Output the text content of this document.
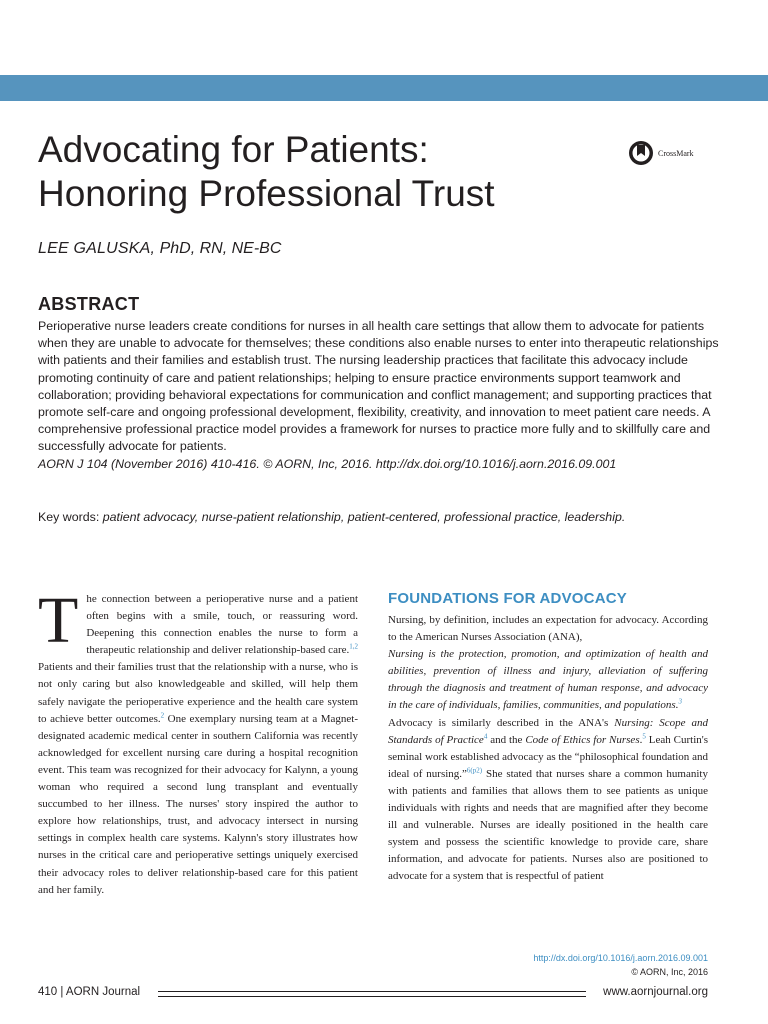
Advocating for Patients:
Honoring Professional Trust
CrossMark
LEE GALUSKA, PhD, RN, NE-BC
ABSTRACT
Perioperative nurse leaders create conditions for nurses in all health care settings that allow them to advocate for patients when they are unable to advocate for themselves; these conditions also enable nurses to enter into therapeutic relationships with patients and their families and establish trust. The nursing leadership practices that facilitate this advocacy include promoting continuity of care and patient relationships; helping to ensure practice environments support teamwork and collaboration; providing behavioral expectations for communication and conflict management; and supporting practices that promote self-care and ongoing professional development, flexibility, creativity, and innovation to meet patient care needs. A comprehensive professional practice model provides a framework for nurses to practice more fully and to skillfully care and successfully advocate for patients.
AORN J 104 (November 2016) 410-416. © AORN, Inc, 2016. http://dx.doi.org/10.1016/j.aorn.2016.09.001
Key words: patient advocacy, nurse-patient relationship, patient-centered, professional practice, leadership.

The connection between a perioperative nurse and a patient often begins with a smile, touch, or reassuring word. Deepening this connection enables the nurse to form a therapeutic relationship and deliver relationship-based care.$^{1,2}$ Patients and their families trust that the relationship with a nurse, who is not only caring but also knowledgeable and skilled, will help them safely navigate the perioperative experience and the health care system to achieve better outcomes.$^2$ One exemplary nursing team at a Magnet-designated academic medical center in southern California was recently acknowledged for excellent nursing care during a hospital recognition event. This team was recognized for their advocacy for Kalynn, a young woman who required a second lung transplant and eventually succumbed to her illness. The nurses' story inspired the author to explore how relationships, trust, and advocacy intersect in nursing settings in complex health care systems. Kalynn's story illustrates how nurses in the critical care and perioperative settings uniquely exercised their advocacy roles to deliver relationship-based care for this patient and her family.

FOUNDATIONS FOR ADVOCACY

Nursing, by definition, includes an expectation for advocacy. According to the American Nurses Association (ANA),

Nursing is the protection, promotion, and optimization of health and abilities, prevention of illness and injury, alleviation of suffering through the diagnosis and treatment of human response, and advocacy in the care of individuals, families, communities, and populations.$^3$

Advocacy is similarly described in the ANA's Nursing: Scope and Standards of Practice$^4$ and the Code of Ethics for Nurses.$^5$ Leah Curtin's seminal work established advocacy as the “philosophical foundation and ideal of nursing.”$^{6(p2)}$ She stated that nurses share a common humanity with patients and families that allows them to see patients as unique individuals with rights and needs that are magnified after they become ill and vulnerable. Nurses are ideally positioned in the health care system and possess the scientific knowledge to provide care, share information, and advocate for patients. Nurses also are positioned to advocate for a system that is respectful of patient

http://dx.doi.org/10.1016/j.aorn.2016.09.001
© AORN, Inc, 2016
410 | AORN Journal	www.aornjournal.org
